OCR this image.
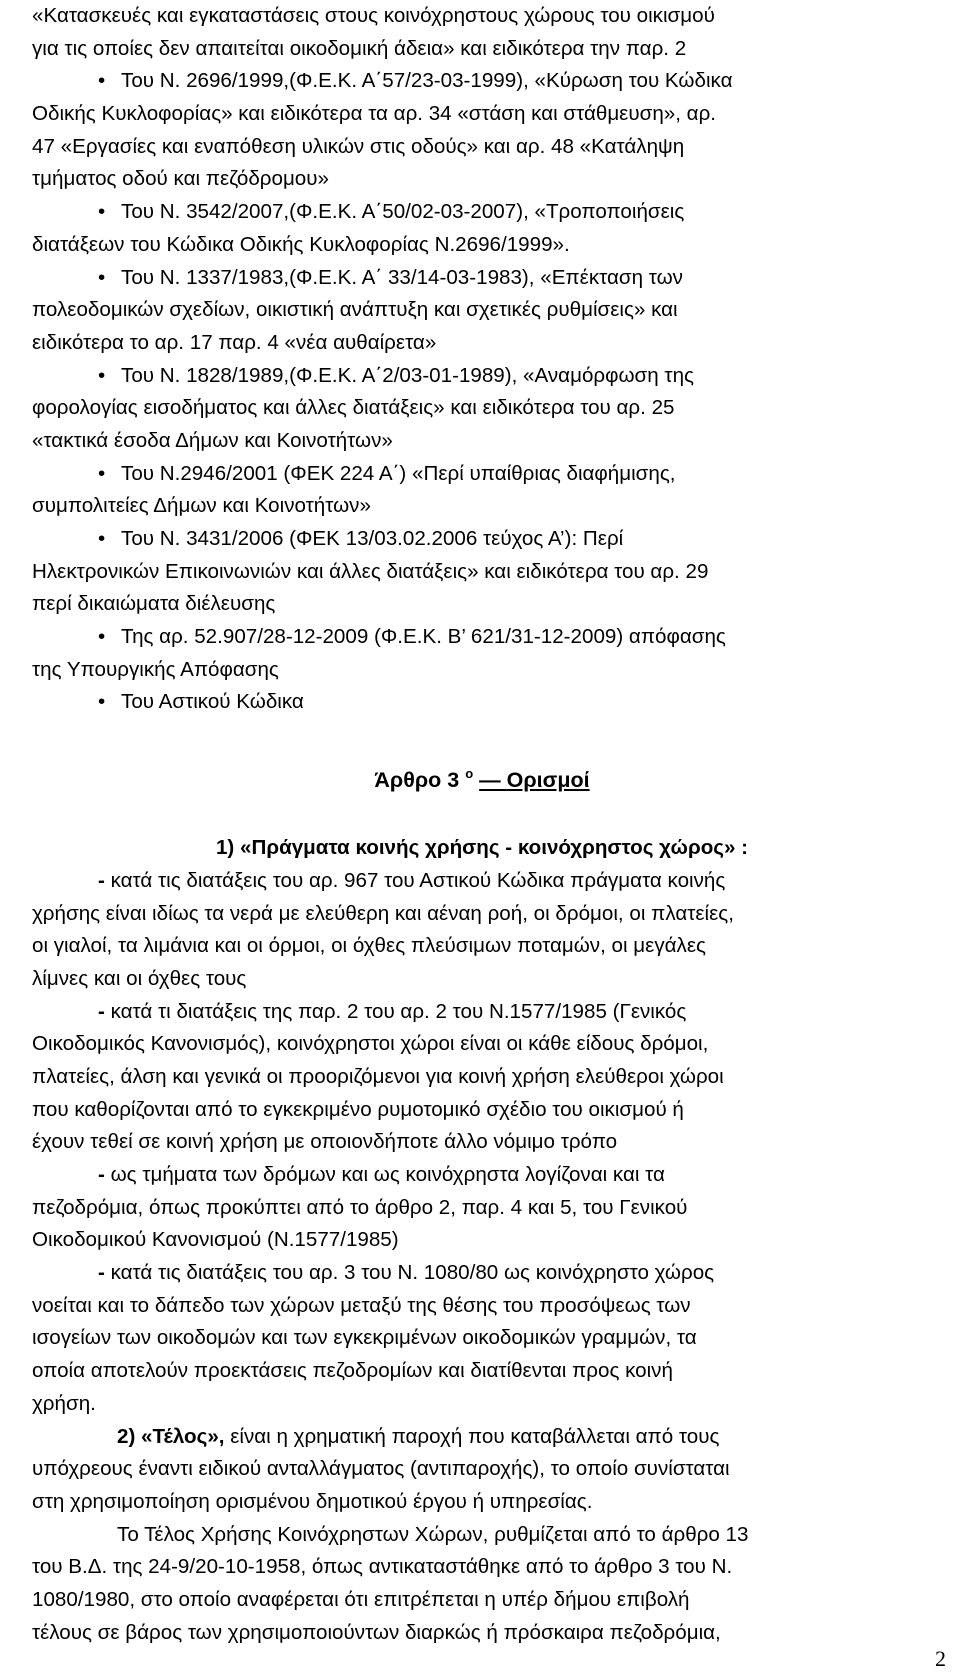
«Κατασκευές και εγκαταστάσεις στους κοινόχρηστους χώρους του οικισμού
για τις οποίες δεν απαιτείται οικοδομική άδεια» και ειδικότερα την παρ. 2
• Του Ν. 2696/1999,(Φ.Ε.Κ. Α΄57/23-03-1999), «Κύρωση του Κώδικα
Οδικής Κυκλοφορίας» και ειδικότερα τα αρ. 34 «στάση και στάθμευση», αρ.
47 «Εργασίες και εναπόθεση υλικών στις οδούς» και αρ. 48 «Κατάληψη
τμήματος οδού και πεζόδρομου»
• Του Ν. 3542/2007,(Φ.Ε.Κ. Α΄50/02-03-2007), «Τροποποιήσεις
διατάξεων του Κώδικα Οδικής Κυκλοφορίας Ν.2696/1999».
• Του Ν. 1337/1983,(Φ.Ε.Κ. Α΄ 33/14-03-1983), «Επέκταση των
πολεοδομικών σχεδίων, οικιστική ανάπτυξη και σχετικές ρυθμίσεις» και
ειδικότερα το αρ. 17 παρ. 4 «νέα αυθαίρετα»
• Του Ν. 1828/1989,(Φ.Ε.Κ. Α΄2/03-01-1989), «Αναμόρφωση της
φορολογίας εισοδήματος και άλλες διατάξεις» και ειδικότερα του αρ. 25
«τακτικά έσοδα Δήμων και Κοινοτήτων»
• Του Ν.2946/2001 (ΦΕΚ 224 Α΄) «Περί υπαίθριας διαφήμισης,
συμπολιτείες Δήμων και Κοινοτήτων»
• Του Ν. 3431/2006 (ΦΕΚ 13/03.02.2006 τεύχος Α’): Περί
Ηλεκτρονικών Επικοινωνιών και άλλες διατάξεις» και ειδικότερα του αρ. 29
περί δικαιώματα διέλευσης
• Της αρ. 52.907/28-12-2009 (Φ.Ε.Κ. Β’ 621/31-12-2009) απόφασης
της Υπουργικής Απόφασης
• Του Αστικού Κώδικα
Άρθρο 3 $^o$ — Ορισμοί
1) «Πράγματα κοινής χρήσης - κοινόχρηστος χώρος» :
- κατά τις διατάξεις του αρ. 967 του Αστικού Κώδικα πράγματα κοινής
χρήσης είναι ιδίως τα νερά με ελεύθερη και αέναη ροή, οι δρόμοι, οι πλατείες,
οι γιαλοί, τα λιμάνια και οι όρμοι, οι όχθες πλεύσιμων ποταμών, οι μεγάλες
λίμνες και οι όχθες τους
- κατά τι διατάξεις της παρ. 2 του αρ. 2 του Ν.1577/1985 (Γενικός
Οικοδομικός Κανονισμός), κοινόχρηστοι χώροι είναι οι κάθε είδους δρόμοι,
πλατείες, άλση και γενικά οι προοριζόμενοι για κοινή χρήση ελεύθεροι χώροι
που καθορίζονται από το εγκεκριμένο ρυμοτομικό σχέδιο του οικισμού ή
έχουν τεθεί σε κοινή χρήση με οποιονδήποτε άλλο νόμιμο τρόπο
- ως τμήματα των δρόμων και ως κοινόχρηστα λογίζοναι και τα
πεζοδρόμια, όπως προκύπτει από το άρθρο 2, παρ. 4 και 5, του Γενικού
Οικοδομικού Κανονισμού (Ν.1577/1985)
- κατά τις διατάξεις του αρ. 3 του Ν. 1080/80 ως κοινόχρηστο χώρος
νοείται και το δάπεδο των χώρων μεταξύ της θέσης του προσόψεως των
ισογείων των οικοδομών και των εγκεκριμένων οικοδομικών γραμμών, τα
οποία αποτελούν προεκτάσεις πεζοδρομίων και διατίθενται προς κοινή
χρήση.
2) «Τέλος», είναι η χρηματική παροχή που καταβάλλεται από τους
υπόχρεους έναντι ειδικού ανταλλάγματος (αντιπαροχής), το οποίο συνίσταται
στη χρησιμοποίηση ορισμένου δημοτικού έργου ή υπηρεσίας.
Το Τέλος Χρήσης Κοινόχρηστων Χώρων, ρυθμίζεται από το άρθρο 13
του Β.Δ. της 24-9/20-10-1958, όπως αντικαταστάθηκε από το άρθρο 3 του Ν.
1080/1980, στο οποίο αναφέρεται ότι επιτρέπεται η υπέρ δήμου επιβολή
τέλους σε βάρος των χρησιμοποιούντων διαρκώς ή πρόσκαιρα πεζοδρόμια,
2
